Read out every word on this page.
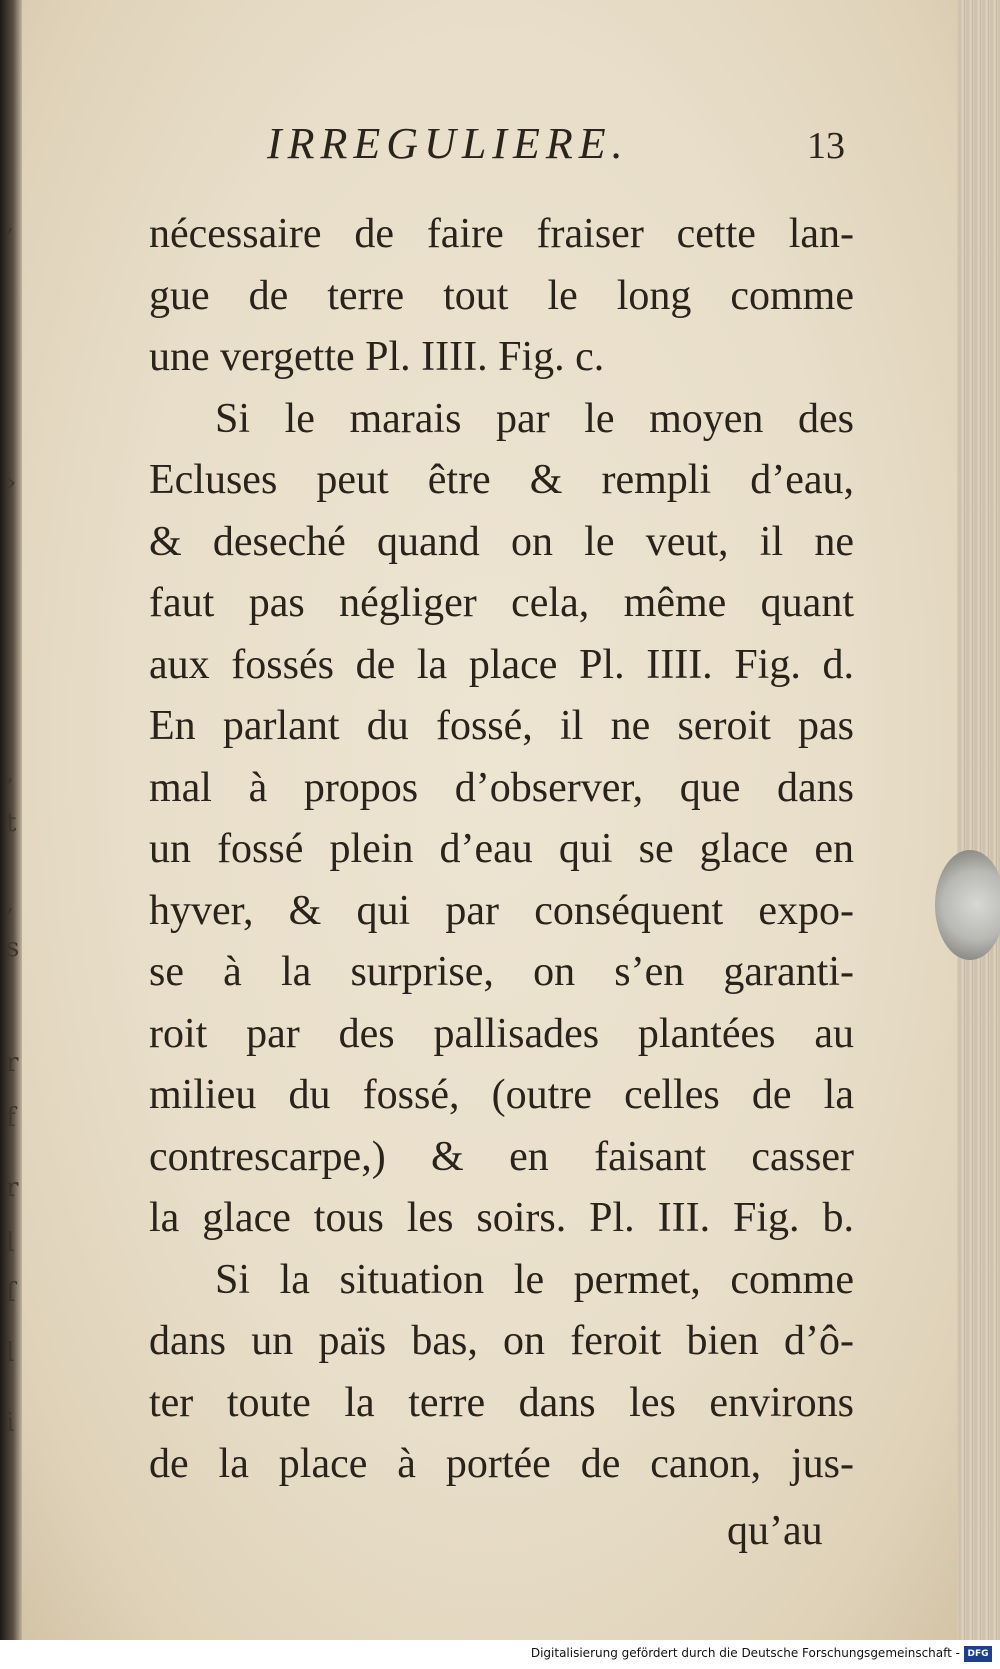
,
›
,
t
,
s
r
f
r
l
ſ
l
i
IRREGULIERE.	13
nécessaire de faire fraiser cette lan-
gue de terre tout le long comme
une vergette Pl. IIII. Fig. c.
Si le marais par le moyen des
Ecluses peut être & rempli d’eau,
& deseché quand on le veut, il ne
faut pas négliger cela, même quant
aux fossés de la place Pl. IIII. Fig. d.
En parlant du fossé, il ne seroit pas
mal à propos d’observer, que dans
un fossé plein d’eau qui se glace en
hyver, & qui par conséquent expo-
se à la surprise, on s’en garanti-
roit par des pallisades plantées au
milieu du fossé, (outre celles de la
contrescarpe,) & en faisant casser
la glace tous les soirs. Pl. III. Fig. b.
Si la situation le permet, comme
dans un païs bas, on feroit bien d’ô-
ter toute la terre dans les environs
de la place à portée de canon, jus-
qu’au
Digitalisierung gefördert durch die Deutsche Forschungsgemeinschaft - DFG
